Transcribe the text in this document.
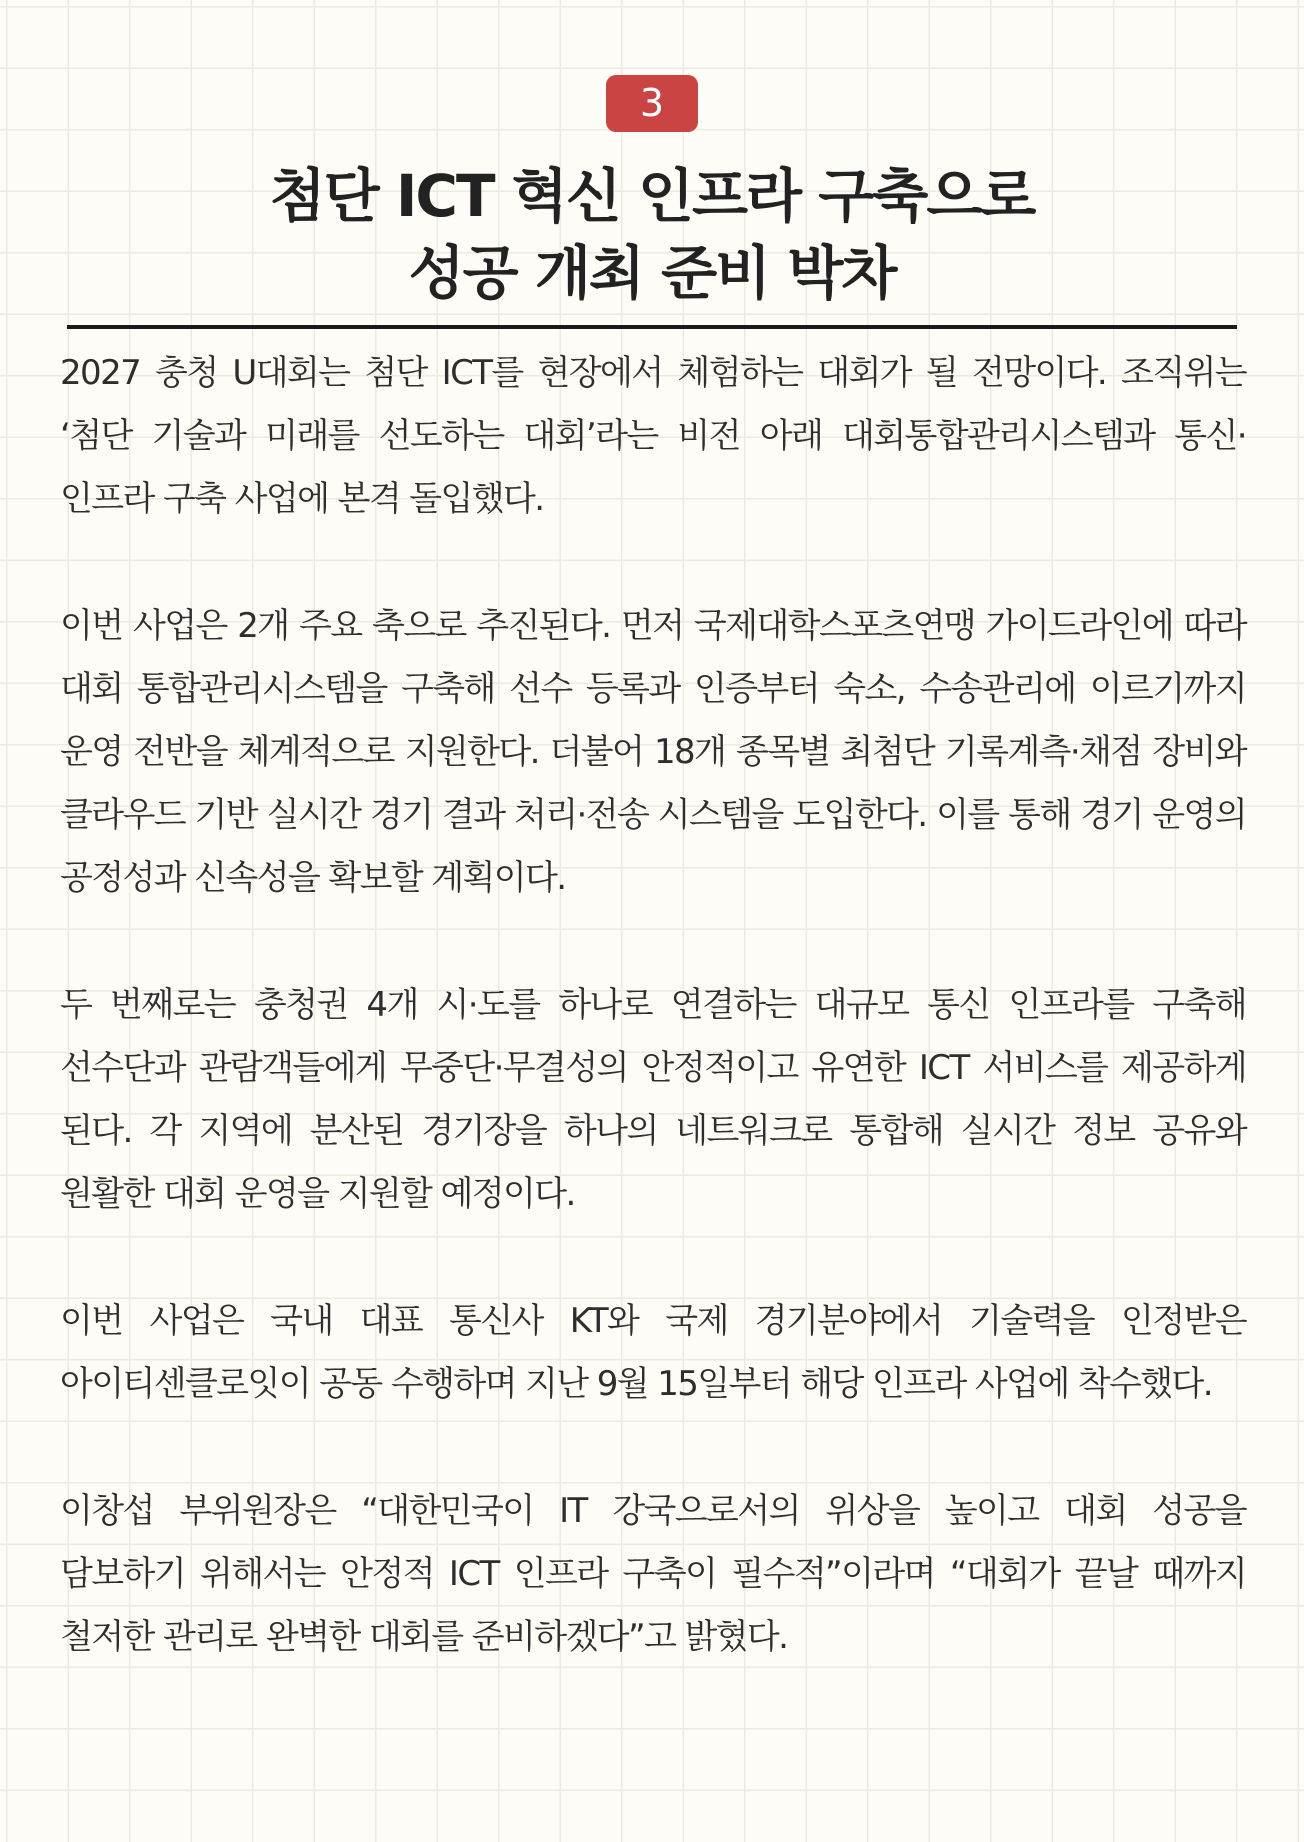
3
첨단 ICT 혁신 인프라 구축으로
성공 개최 준비 박차

2027 충청 U대회는 첨단 ICT를 현장에서 체험하는 대회가 될 전망이다. 조직위는 ‘첨단 기술과 미래를 선도하는 대회’라는 비전 아래 대회통합관리시스템과 통신·인프라 구축 사업에 본격 돌입했다.

이번 사업은 2개 주요 축으로 추진된다. 먼저 국제대학스포츠연맹 가이드라인에 따라 대회 통합관리시스템을 구축해 선수 등록과 인증부터 숙소, 수송관리에 이르기까지 운영 전반을 체계적으로 지원한다. 더불어 18개 종목별 최첨단 기록계측·채점 장비와 클라우드 기반 실시간 경기 결과 처리·전송 시스템을 도입한다. 이를 통해 경기 운영의 공정성과 신속성을 확보할 계획이다.

두 번째로는 충청권 4개 시·도를 하나로 연결하는 대규모 통신 인프라를 구축해 선수단과 관람객들에게 무중단·무결성의 안정적이고 유연한 ICT 서비스를 제공하게 된다. 각 지역에 분산된 경기장을 하나의 네트워크로 통합해 실시간 정보 공유와 원활한 대회 운영을 지원할 예정이다.

이번 사업은 국내 대표 통신사 KT와 국제 경기분야에서 기술력을 인정받은 아이티센클로잇이 공동 수행하며 지난 9월 15일부터 해당 인프라 사업에 착수했다.

이창섭 부위원장은 “대한민국이 IT 강국으로서의 위상을 높이고 대회 성공을 담보하기 위해서는 안정적 ICT 인프라 구축이 필수적”이라며 “대회가 끝날 때까지 철저한 관리로 완벽한 대회를 준비하겠다”고 밝혔다.
